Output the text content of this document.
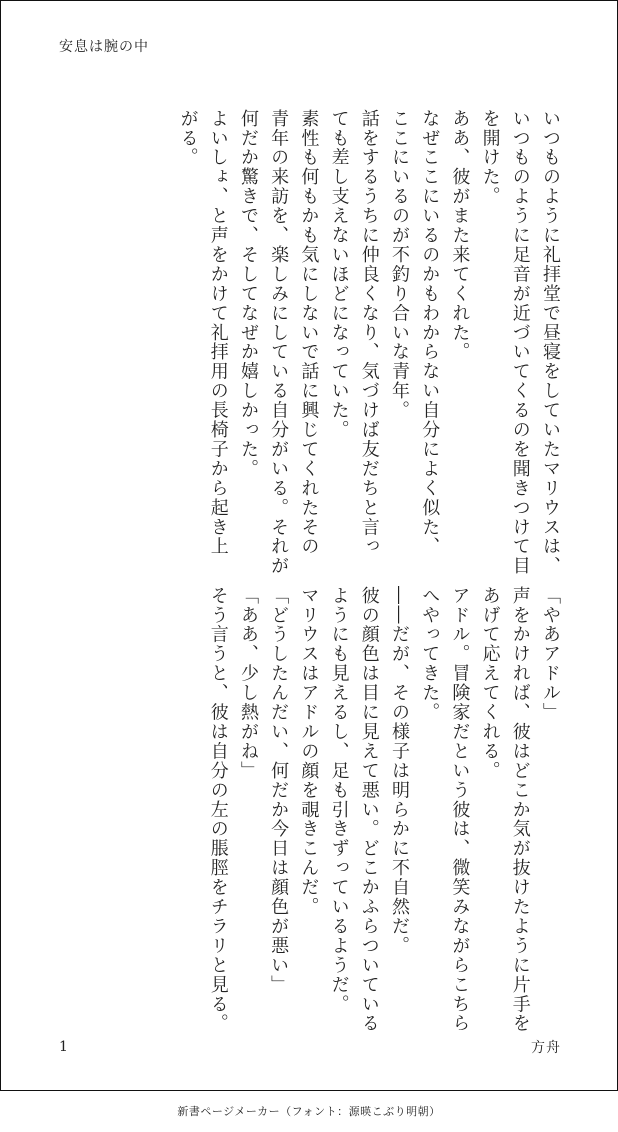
安息は腕の中
いつものように礼拝堂で昼寝をしていたマリウスは、
いつものように足音が近づいてくるのを聞きつけて目
を開けた。
ああ、彼がまた来てくれた。
なぜここにいるのかもわからない自分によく似た、
ここにいるのが不釣り合いな青年。
話をするうちに仲良くなり、気づけば友だちと言っ
ても差し支えないほどになっていた。
素性も何もかも気にしないで話に興じてくれたその
青年の来訪を、楽しみにしている自分がいる。それが
何だか驚きで、そしてなぜか嬉しかった。
よいしょ、と声をかけて礼拝用の長椅子から起き上
がる。
「やあアドル」
声をかければ、彼はどこか気が抜けたように片手を
あげて応えてくれる。
アドル。冒険家だという彼は、微笑みながらこちら
へやってきた。
――だが、その様子は明らかに不自然だ。
彼の顔色は目に見えて悪い。どこかふらついている
ようにも見えるし、足も引きずっているようだ。
マリウスはアドルの顔を覗きこんだ。
「どうしたんだい、何だか今日は顔色が悪い」
「ああ、少し熱がね」
そう言うと、彼は自分の左の脹脛をチラリと見る。
1	方舟
新書ページメーカー（フォント：源暎こぶり明朝）
